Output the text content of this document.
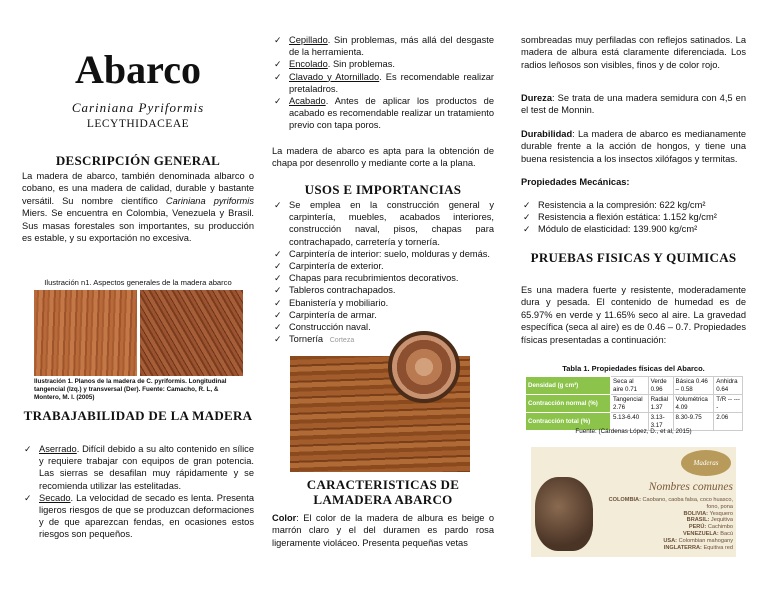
Abarco
Cariniana Pyriformis
LECYTHIDACEAE
DESCRIPCIÓN GENERAL

La madera de abarco, también denominada albarco o cobano, es una madera de calidad, durable y bastante versátil. Su nombre científico Cariniana pyriformis Miers. Se encuentra en Colombia, Venezuela y Brasil. Sus masas forestales son importantes, su producción es estable, y su exportación no excesiva.

Ilustración n1. Aspectos generales de la madera abarco

Ilustración 1. Planos de la madera de C. pyriformis. Longitudinal tangencial (Izq.) y transversal (Der). Fuente: Camacho, R. L, & Montero, M. I. (2005)

TRABAJABILIDAD DE LA MADERA
✓ Aserrado. Difícil debido a su alto contenido en sílice y requiere trabajar con equipos de gran potencia. Las sierras se desafilan muy rápidamente y se recomienda utilizar las estelitadas.
✓ Secado. La velocidad de secado es lenta. Presenta ligeros riesgos de que se produzcan deformaciones y de que aparezcan fendas, en ocasiones estos riesgos son pequeños.
✓ Cepillado. Sin problemas, más allá del desgaste de la herramienta.
✓ Encolado. Sin problemas.
✓ Clavado y Atornillado. Es recomendable realizar pretaladros.
✓ Acabado. Antes de aplicar los productos de acabado es recomendable realizar un tratamiento previo con tapa poros.

La madera de abarco es apta para la obtención de chapa por desenrollo y mediante corte a la plana.

USOS E IMPORTANCIAS
✓ Se emplea en la construcción general y carpintería, muebles, acabados interiores, construcción naval, pisos, chapas para contrachapado, carretería y tornería.
✓ Carpintería de interior: suelo, molduras y demás.
✓ Carpintería de exterior.
✓ Chapas para recubrimientos decorativos.
✓ Tableros contrachapados.
✓ Ebanistería y mobiliario.
✓ Carpintería de armar.
✓ Construcción naval.
✓ Tornería Corteza
CARACTERISTICAS DE LAMADERA ABARCO

Color: El color de la madera de albura es beige o marrón claro y el del duramen es pardo rosa ligeramente violáceo. Presenta pequeñas vetas

sombreadas muy perfiladas con reflejos satinados. La madera de albura está claramente diferenciada. Los radios leñosos son visibles, finos y de color rojo.

Dureza: Se trata de una madera semidura con 4,5 en el test de Monnin.

Durabilidad: La madera de abarco es medianamente durable frente a la acción de hongos, y tiene una buena resistencia a los insectos xilófagos y termitas.

Propiedades Mecánicas:

✓ Resistencia a la compresión: 622 kg/cm²
✓ Resistencia a flexión estática: 1.152 kg/cm²
✓ Módulo de elasticidad: 139.900 kg/cm²
PRUEBAS FISICAS Y QUIMICAS

Es una madera fuerte y resistente, moderadamente dura y pesada. El contenido de humedad es de 65.97% en verde y 11.65% seco al aire. La gravedad específica (seca al aire) es de 0.46 – 0.7. Propiedades físicas presentadas a continuación:

Tabla 1. Propiedades físicas del Abarco.
Densidad (g cm³)	Seca al aire 0.71	Verde 0.96	Básica 0.46 – 0.58	Anhidra 0.64
Contracción normal (%)	Tangencial 2.76	Radial 1.37	Volumétrica 4.09	T/R -- ----
Contracción total (%)	5.13-6.40	3.13-3.17	8.30-9.75	2.06
Fuente: (Cárdenas López, D., et al, 2015)
Maderas
Nombres comunes
COLOMBIA: Caobano, caoba falsa, coco huasco, fono, pona
BOLIVIA: Yesquero
BRASIL: Jequitiva
PERÚ: Cachimbo
VENEZUELA: Bacú
USA: Colombian mahogany
INGLATERRA: Equitiva red
